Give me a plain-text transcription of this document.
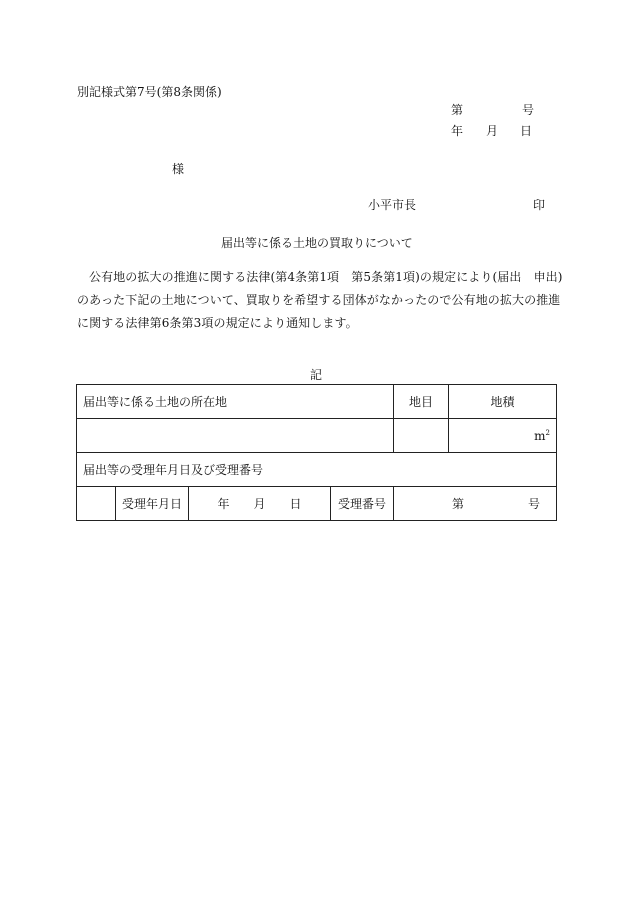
別記様式第7号(第8条関係)
第	号
年 月 日
様
小平市長	印
届出等に係る土地の買取りについて
公有地の拡大の推進に関する法律(第4条第1項　第5条第1項)の規定により(届出　申出)
のあった下記の土地について、買取りを希望する団体がなかったので公有地の拡大の推進
に関する法律第6条第3項の規定により通知します。
記
届出等に係る土地の所在地				地目	地積
					$m^2$
届出等の受理年月日及び受理番号					
	受理年月日	年　　月　　日	受理番号	第 号	
